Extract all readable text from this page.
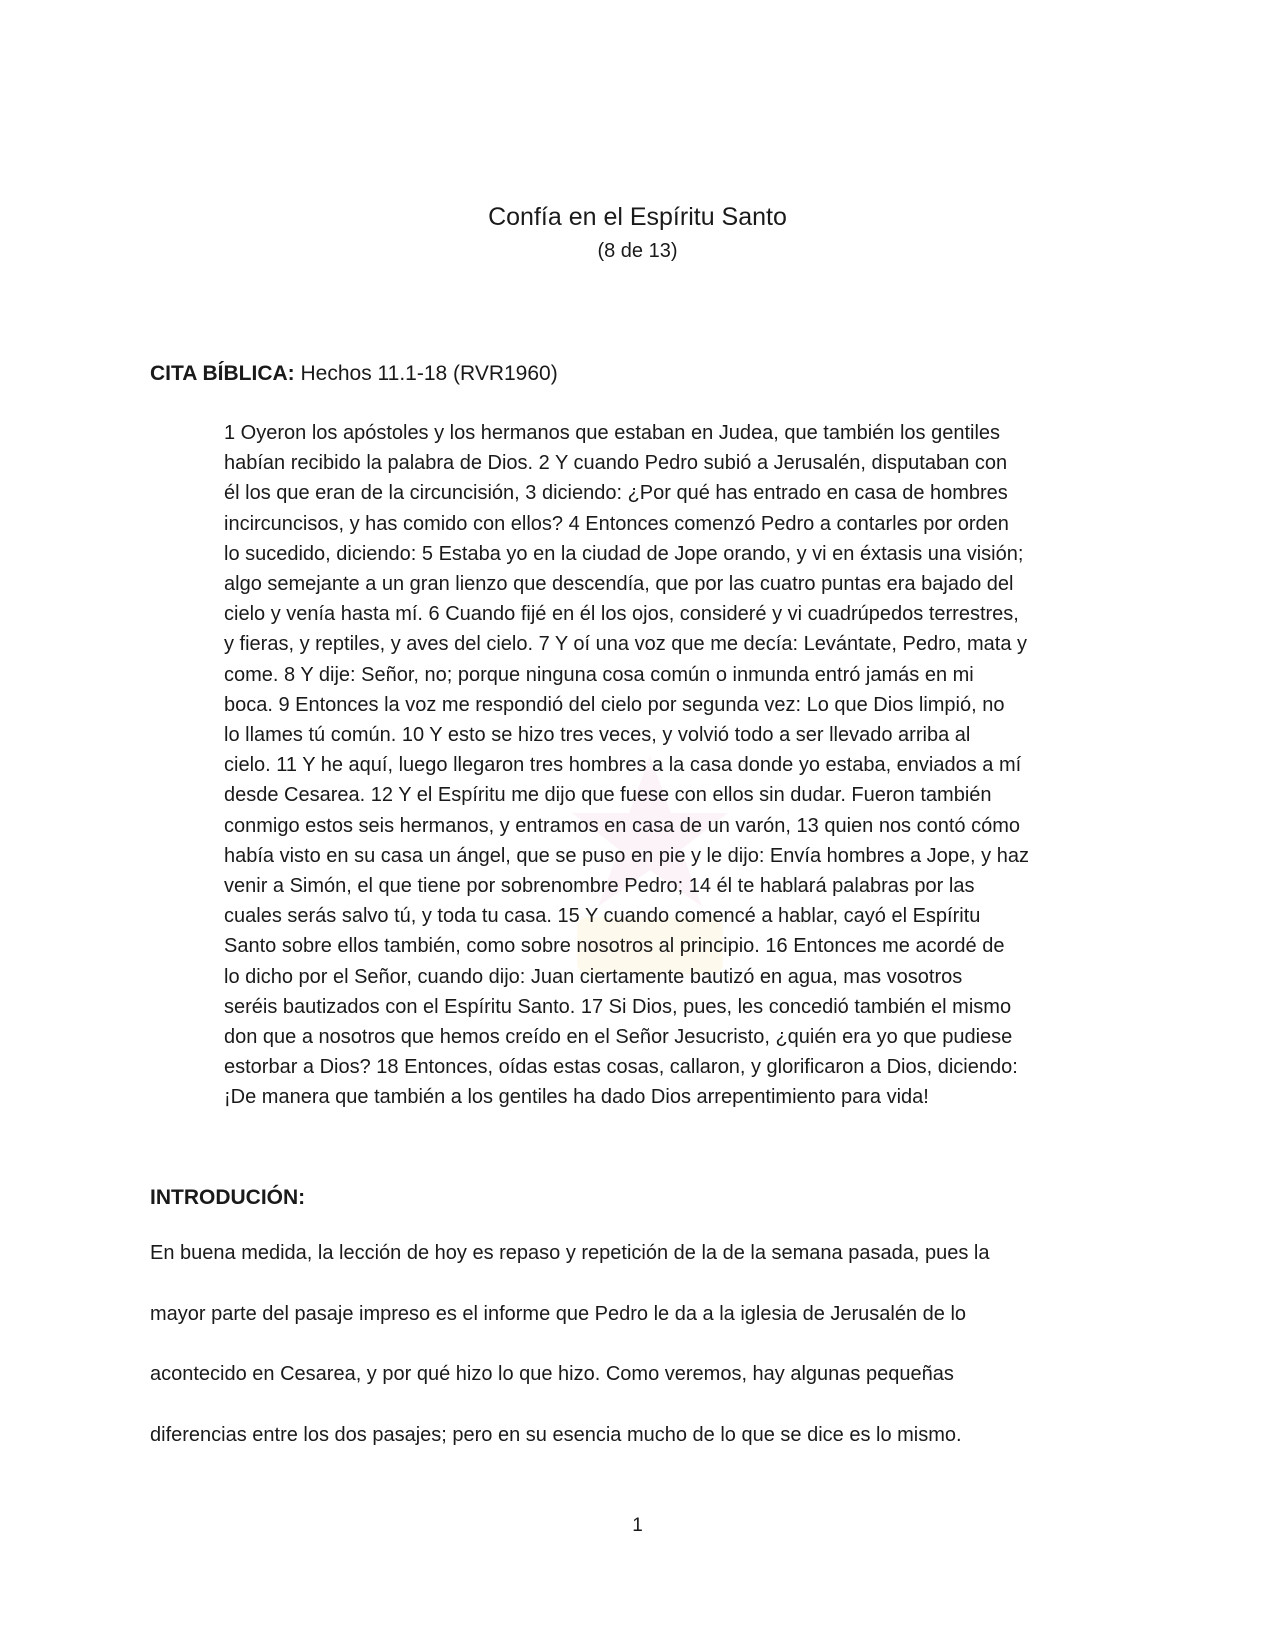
Confía en el Espíritu Santo
(8 de 13)
CITA BÍBLICA: Hechos 11.1-18 (RVR1960)
1 Oyeron los apóstoles y los hermanos que estaban en Judea, que también los gentiles
habían recibido la palabra de Dios. 2 Y cuando Pedro subió a Jerusalén, disputaban con
él los que eran de la circuncisión, 3 diciendo: ¿Por qué has entrado en casa de hombres
incircuncisos, y has comido con ellos? 4 Entonces comenzó Pedro a contarles por orden
lo sucedido, diciendo: 5 Estaba yo en la ciudad de Jope orando, y vi en éxtasis una visión;
algo semejante a un gran lienzo que descendía, que por las cuatro puntas era bajado del
cielo y venía hasta mí. 6 Cuando fijé en él los ojos, consideré y vi cuadrúpedos terrestres,
y fieras, y reptiles, y aves del cielo. 7 Y oí una voz que me decía: Levántate, Pedro, mata y
come. 8 Y dije: Señor, no; porque ninguna cosa común o inmunda entró jamás en mi
boca. 9 Entonces la voz me respondió del cielo por segunda vez: Lo que Dios limpió, no
lo llames tú común. 10 Y esto se hizo tres veces, y volvió todo a ser llevado arriba al
cielo. 11 Y he aquí, luego llegaron tres hombres a la casa donde yo estaba, enviados a mí
desde Cesarea. 12 Y el Espíritu me dijo que fuese con ellos sin dudar. Fueron también
conmigo estos seis hermanos, y entramos en casa de un varón, 13 quien nos contó cómo
había visto en su casa un ángel, que se puso en pie y le dijo: Envía hombres a Jope, y haz
venir a Simón, el que tiene por sobrenombre Pedro; 14 él te hablará palabras por las
cuales serás salvo tú, y toda tu casa. 15 Y cuando comencé a hablar, cayó el Espíritu
Santo sobre ellos también, como sobre nosotros al principio. 16 Entonces me acordé de
lo dicho por el Señor, cuando dijo: Juan ciertamente bautizó en agua, mas vosotros
seréis bautizados con el Espíritu Santo. 17 Si Dios, pues, les concedió también el mismo
don que a nosotros que hemos creído en el Señor Jesucristo, ¿quién era yo que pudiese
estorbar a Dios? 18 Entonces, oídas estas cosas, callaron, y glorificaron a Dios, diciendo:
¡De manera que también a los gentiles ha dado Dios arrepentimiento para vida!
INTRODUCIÓN:
En buena medida, la lección de hoy es repaso y repetición de la de la semana pasada, pues la
mayor parte del pasaje impreso es el informe que Pedro le da a la iglesia de Jerusalén de lo
acontecido en Cesarea, y por qué hizo lo que hizo. Como veremos, hay algunas pequeñas
diferencias entre los dos pasajes; pero en su esencia mucho de lo que se dice es lo mismo.
1
